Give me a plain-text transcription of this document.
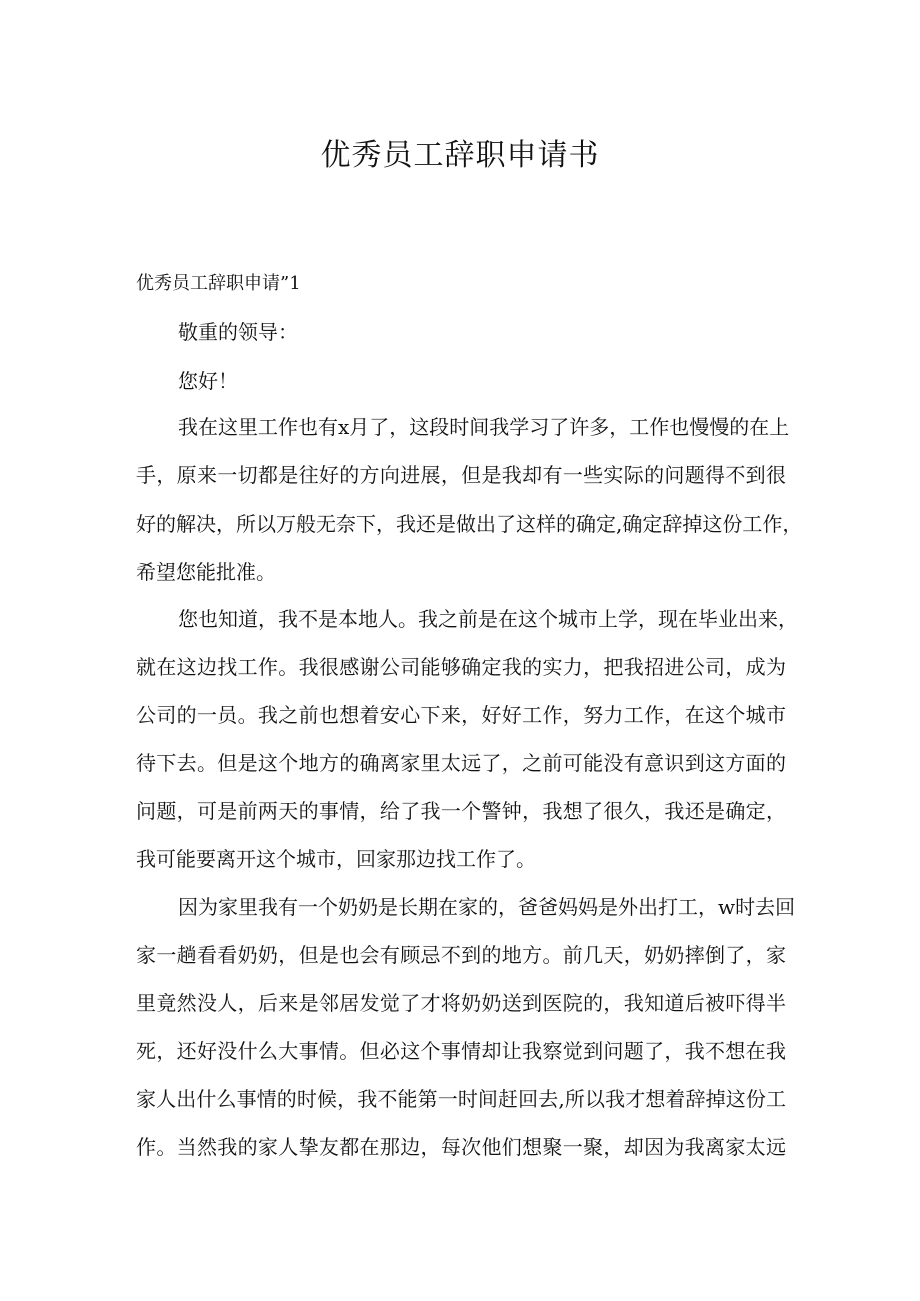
优秀员工辞职申请书

优秀员工辞职申请”1

敬重的领导：

您好！

我在这里工作也有x月了，这段时间我学习了许多，工作也慢慢的在上

手，原来一切都是往好的方向进展，但是我却有一些实际的问题得不到很

好的解决，所以万般无奈下，我还是做出了这样的确定,确定辞掉这份工作，

希望您能批准。

您也知道，我不是本地人。我之前是在这个城市上学，现在毕业出来，

就在这边找工作。我很感谢公司能够确定我的实力，把我招进公司，成为

公司的一员。我之前也想着安心下来，好好工作，努力工作，在这个城市

待下去。但是这个地方的确离家里太远了，之前可能没有意识到这方面的

问题，可是前两天的事情，给了我一个警钟，我想了很久，我还是确定，

我可能要离开这个城市，回家那边找工作了。

因为家里我有一个奶奶是长期在家的，爸爸妈妈是外出打工，w时去回

家一趟看看奶奶，但是也会有顾忌不到的地方。前几天，奶奶摔倒了，家

里竟然没人，后来是邻居发觉了才将奶奶送到医院的，我知道后被吓得半

死，还好没什么大事情。但必这个事情却让我察觉到问题了，我不想在我

家人出什么事情的时候，我不能第一时间赶回去,所以我才想着辞掉这份工

作。当然我的家人挚友都在那边，每次他们想聚一聚，却因为我离家太远
